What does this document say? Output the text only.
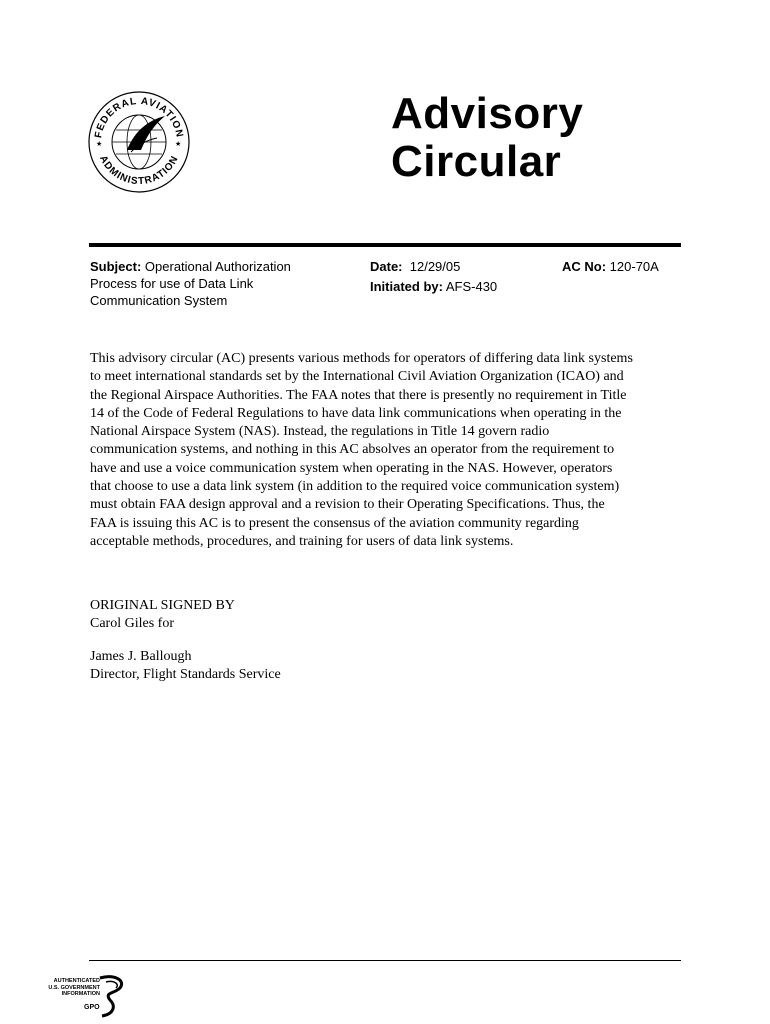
★	★
FEDERAL AVIATION
ADMINISTRATION
Advisory
Circular
Subject: Operational Authorization
Process for use of Data Link
Communication System
Date: 12/29/05
Initiated by: AFS-430
AC No: 120-70A
This advisory circular (AC) presents various methods for operators of differing data link systems
to meet international standards set by the International Civil Aviation Organization (ICAO) and
the Regional Airspace Authorities. The FAA notes that there is presently no requirement in Title
14 of the Code of Federal Regulations to have data link communications when operating in the
National Airspace System (NAS). Instead, the regulations in Title 14 govern radio
communication systems, and nothing in this AC absolves an operator from the requirement to
have and use a voice communication system when operating in the NAS. However, operators
that choose to use a data link system (in addition to the required voice communication system)
must obtain FAA design approval and a revision to their Operating Specifications. Thus, the
FAA is issuing this AC is to present the consensus of the aviation community regarding
acceptable methods, procedures, and training for users of data link systems.
ORIGINAL SIGNED BY
Carol Giles for
James J. Ballough
Director, Flight Standards Service
AUTHENTICATED
U.S. GOVERNMENT
INFORMATION
GPO
